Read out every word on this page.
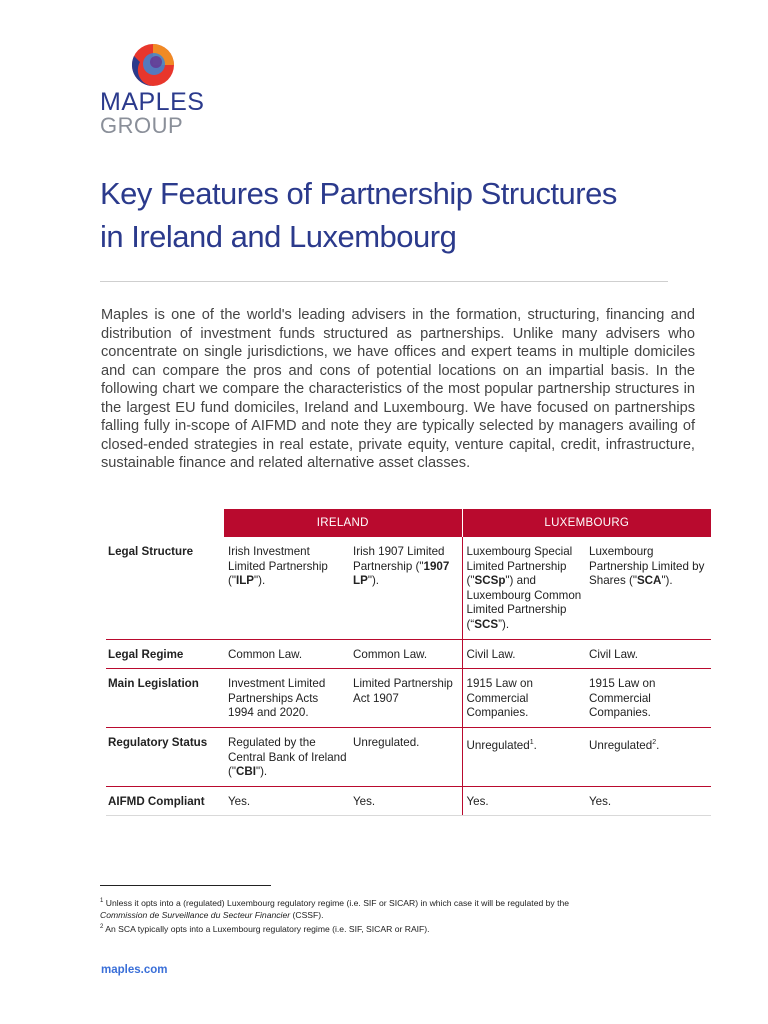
MAPLES
GROUP
Key Features of Partnership Structures
in Ireland and Luxembourg

Maples is one of the world's leading advisers in the formation, structuring, financing and distribution of investment funds structured as partnerships. Unlike many advisers who concentrate on single jurisdictions, we have offices and expert teams in multiple domiciles and can compare the pros and cons of potential locations on an impartial basis. In the following chart we compare the characteristics of the most popular partnership structures in the largest EU fund domiciles, Ireland and Luxembourg. We have focused on partnerships falling fully in-scope of AIFMD and note they are typically selected by managers availing of closed-ended strategies in real estate, private equity, venture capital, credit, infrastructure, sustainable finance and related alternative asset classes.

	IRELAND		LUXEMBOURG	
Legal Structure	Irish Investment Limited Partnership ("ILP").	Irish 1907 Limited Partnership ("1907 LP").	Luxembourg Special Limited Partnership ("SCSp") and Luxembourg Common Limited Partnership (“SCS”).	Luxembourg Partnership Limited by Shares ("SCA").
Legal Regime	Common Law.	Common Law.	Civil Law.	Civil Law.
Main Legislation	Investment Limited Partnerships Acts 1994 and 2020.	Limited Partnership Act 1907	1915 Law on Commercial Companies.	1915 Law on Commercial Companies.
Regulatory Status	Regulated by the Central Bank of Ireland ("CBI").	Unregulated.	Unregulated$^1$.	Unregulated$^2$.
AIFMD Compliant	Yes.	Yes.	Yes.	Yes.

$^1$ Unless it opts into a (regulated) Luxembourg regulatory regime (i.e. SIF or SICAR) in which case it will be regulated by the
Commission de Surveillance du Secteur Financier (CSSF).

$^2$ An SCA typically opts into a Luxembourg regulatory regime (i.e. SIF, SICAR or RAIF).

maples.com
